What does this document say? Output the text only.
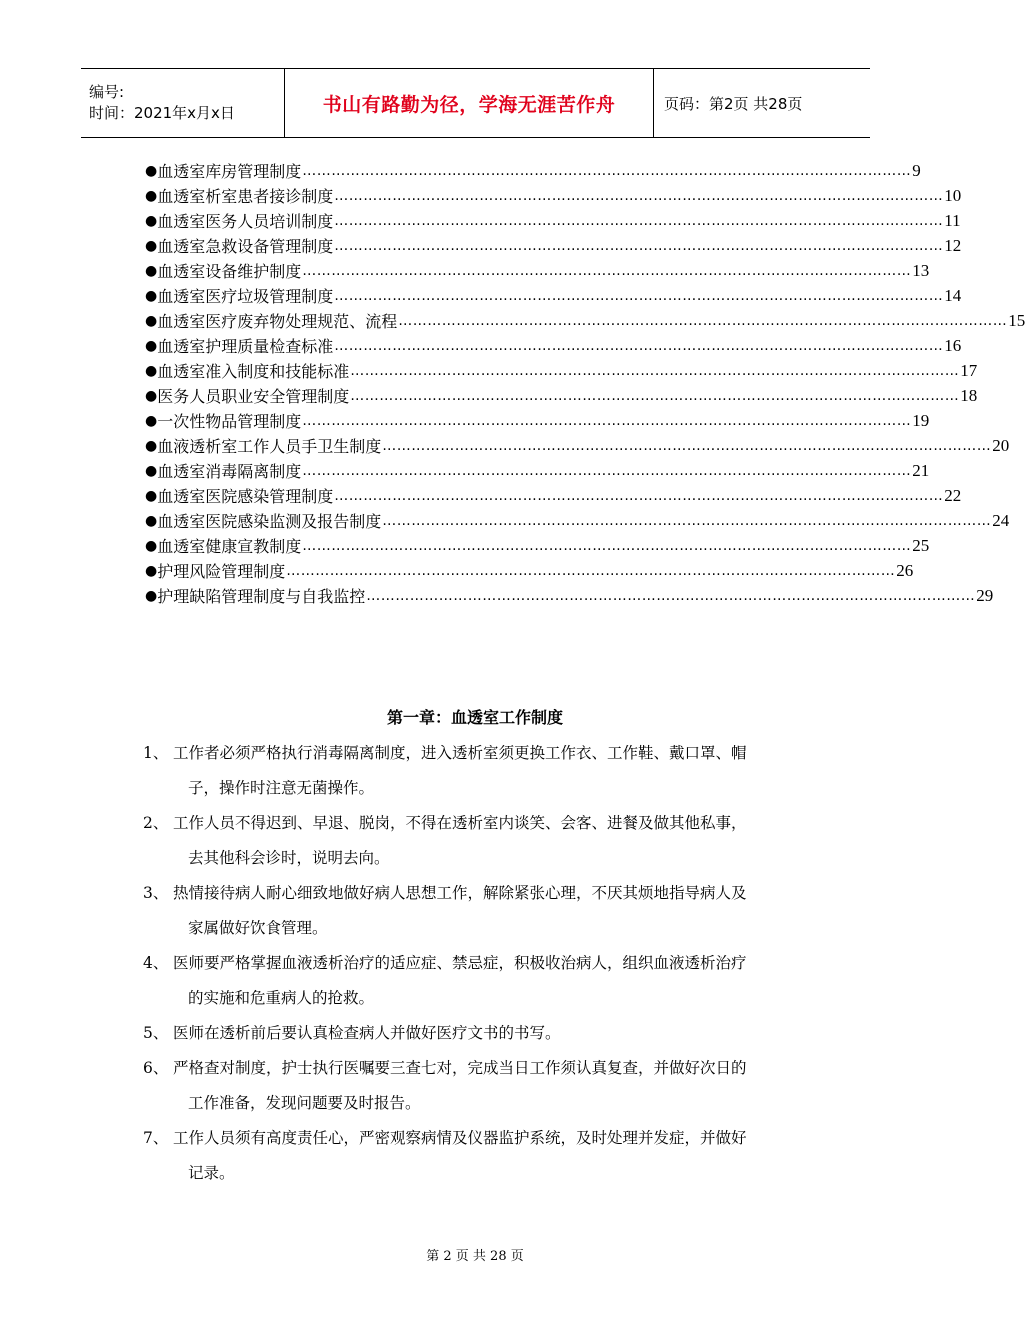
编号:
时间：2021年x月x日	书山有路勤为径，学海无涯苦作舟	页码：第2页 共28页
● 血透室库房管理制度 ……………………………………………………………………………………………………………… 9
● 血透室析室患者接诊制度 ……………………………………………………………………………………………………………… 10
● 血透室医务人员培训制度 ……………………………………………………………………………………………………………… 11
● 血透室急救设备管理制度 ……………………………………………………………………………………………………………… 12
● 血透室设备维护制度 ……………………………………………………………………………………………………………… 13
● 血透室医疗垃圾管理制度 ……………………………………………………………………………………………………………… 14
● 血透室医疗废弃物处理规范、流程 ……………………………………………………………………………………………………………… 15
● 血透室护理质量检查标准 ……………………………………………………………………………………………………………… 16
● 血透室准入制度和技能标准 ……………………………………………………………………………………………………………… 17
● 医务人员职业安全管理制度 ……………………………………………………………………………………………………………… 18
● 一次性物品管理制度 ……………………………………………………………………………………………………………… 19
● 血液透析室工作人员手卫生制度 ……………………………………………………………………………………………………………… 20
● 血透室消毒隔离制度 ……………………………………………………………………………………………………………… 21
● 血透室医院感染管理制度 ……………………………………………………………………………………………………………… 22
● 血透室医院感染监测及报告制度 ……………………………………………………………………………………………………………… 24
● 血透室健康宣教制度 ……………………………………………………………………………………………………………… 25
● 护理风险管理制度 ……………………………………………………………………………………………………………… 26
● 护理缺陷管理制度与自我监控 ……………………………………………………………………………………………………………… 29
第一章：血透室工作制度
1、 工作者必须严格执行消毒隔离制度，进入透析室须更换工作衣、工作鞋、戴口罩、帽
子，操作时注意无菌操作。
2、 工作人员不得迟到、早退、脱岗，不得在透析室内谈笑、会客、进餐及做其他私事，
去其他科会诊时，说明去向。
3、 热情接待病人耐心细致地做好病人思想工作，解除紧张心理，不厌其烦地指导病人及
家属做好饮食管理。
4、 医师要严格掌握血液透析治疗的适应症、禁忌症，积极收治病人，组织血液透析治疗
的实施和危重病人的抢救。
5、 医师在透析前后要认真检查病人并做好医疗文书的书写。
6、 严格查对制度，护士执行医嘱要三查七对，完成当日工作须认真复查，并做好次日的
工作准备，发现问题要及时报告。
7、 工作人员须有高度责任心，严密观察病情及仪器监护系统，及时处理并发症，并做好
记录。
第 2 页 共 28 页
